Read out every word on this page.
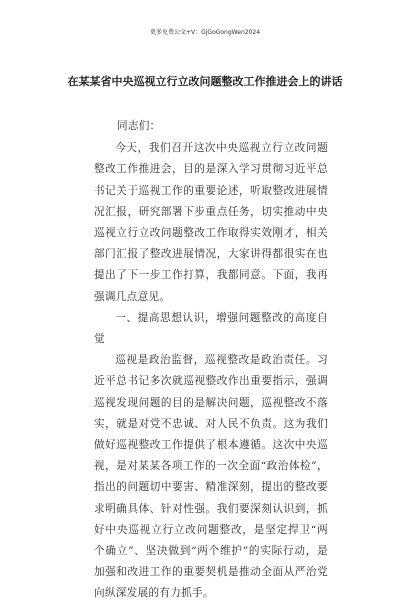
更多免费公文+V：GjGoGongWen2024
在某某省中央巡视立行立改问题整改工作推进会上的讲话

同志们：

今天，我们召开这次中央巡视立行立改问题整改工作推进会，目的是深入学习贯彻习近平总书记关于巡视工作的重要论述，听取整改进展情况汇报，研究部署下步重点任务，切实推动中央巡视立行立改问题整改工作取得实效刚才，相关部门汇报了整改进展情况，大家讲得都很实在也提出了下一步工作打算，我都同意。下面，我再强调几点意见。

一、提高思想认识，增强问题整改的高度自觉

巡视是政治监督，巡视整改是政治责任。习近平总书记多次就巡视整改作出重要指示，强调巡视发现问题的目的是解决问题，巡视整改不落实，就是对党不忠诚、对人民不负责。这为我们做好巡视整改工作提供了根本遵循。这次中央巡视，是对某某各项工作的一次全面“政治体检”，指出的问题切中要害、精准深刻，提出的整改要求明确具体、针对性强。我们要深刻认识到，抓好中央巡视立行立改问题整改，是坚定捍卫“两个确立”、坚决做到“两个维护”的实际行动，是加强和改进工作的重要契机是推动全面从严治党向纵深发展的有力抓手。
